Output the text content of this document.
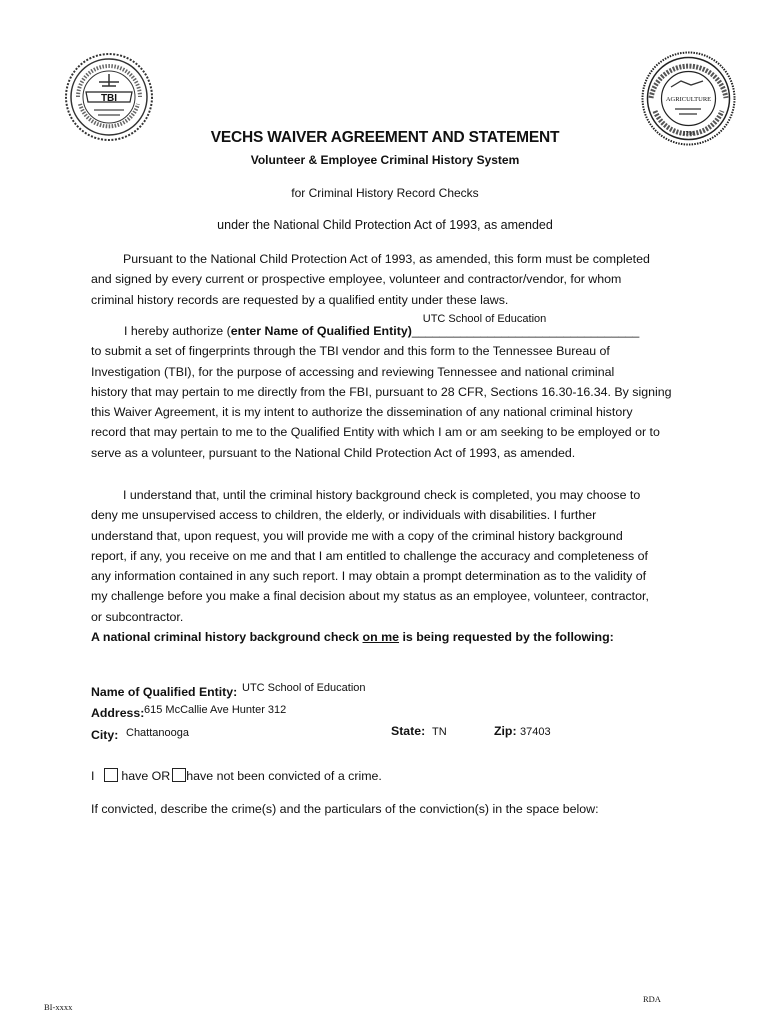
TBI	AGRICULTURE
1796
VECHS WAIVER AGREEMENT AND STATEMENT
Volunteer & Employee Criminal History System
for Criminal History Record Checks
under the National Child Protection Act of 1993, as amended
Pursuant to the National Child Protection Act of 1993, as amended, this form must be completed
and signed by every current or prospective employee, volunteer and contractor/vendor, for whom
criminal history records are requested by a qualified entity under these laws.
I hereby authorize (enter Name of Qualified Entity)_
UTC School of Education
________________________________
to submit a set of fingerprints through the TBI vendor and this form to the Tennessee Bureau of
Investigation (TBI), for the purpose of accessing and reviewing Tennessee and national criminal
history that may pertain to me directly from the FBI, pursuant to 28 CFR, Sections 16.30-16.34. By signing
this Waiver Agreement, it is my intent to authorize the dissemination of any national criminal history
record that may pertain to me to the Qualified Entity with which I am or am seeking to be employed or to
serve as a volunteer, pursuant to the National Child Protection Act of 1993, as amended.
I understand that, until the criminal history background check is completed, you may choose to
deny me unsupervised access to children, the elderly, or individuals with disabilities. I further
understand that, upon request, you will provide me with a copy of the criminal history background
report, if any, you receive on me and that I am entitled to challenge the accuracy and completeness of
any information contained in any such report. I may obtain a prompt determination as to the validity of
my challenge before you make a final decision about my status as an employee, volunteer, contractor,
or subcontractor.
A national criminal history background check on me is being requested by the following:
Name of Qualified Entity: UTC School of Education
Address: 615 McCallie Ave Hunter 312
City: Chattanooga	State: TN	Zip: 37403
I have OR have not been convicted of a crime.
If convicted, describe the crime(s) and the particulars of the conviction(s) in the space below:
BI-xxxx
RDA
